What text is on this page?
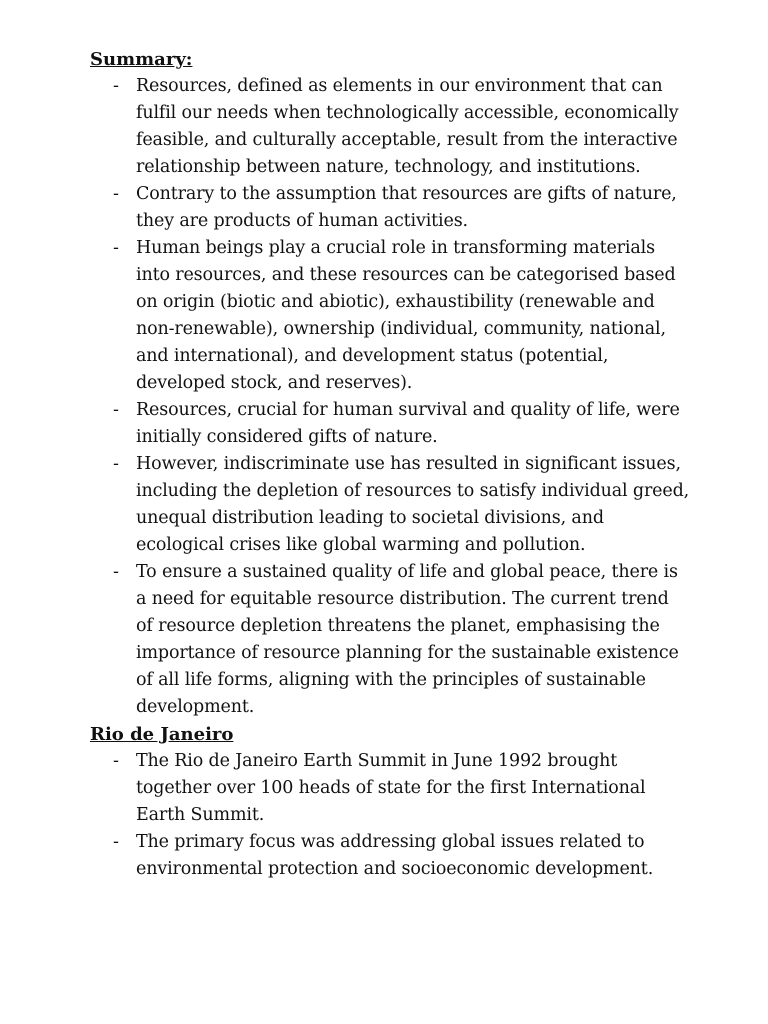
Summary:
- Resources, defined as elements in our environment that can fulfil our needs when technologically accessible, economically feasible, and culturally acceptable, result from the interactive relationship between nature, technology, and institutions.
- Contrary to the assumption that resources are gifts of nature, they are products of human activities.
- Human beings play a crucial role in transforming materials into resources, and these resources can be categorised based on origin (biotic and abiotic), exhaustibility (renewable and non-renewable), ownership (individual, community, national, and international), and development status (potential, developed stock, and reserves).
- Resources, crucial for human survival and quality of life, were initially considered gifts of nature.
- However, indiscriminate use has resulted in significant issues, including the depletion of resources to satisfy individual greed, unequal distribution leading to societal divisions, and ecological crises like global warming and pollution.
- To ensure a sustained quality of life and global peace, there is a need for equitable resource distribution. The current trend of resource depletion threatens the planet, emphasising the importance of resource planning for the sustainable existence of all life forms, aligning with the principles of sustainable development.
Rio de Janeiro
- The Rio de Janeiro Earth Summit in June 1992 brought together over 100 heads of state for the first International Earth Summit.
- The primary focus was addressing global issues related to environmental protection and socioeconomic development.
